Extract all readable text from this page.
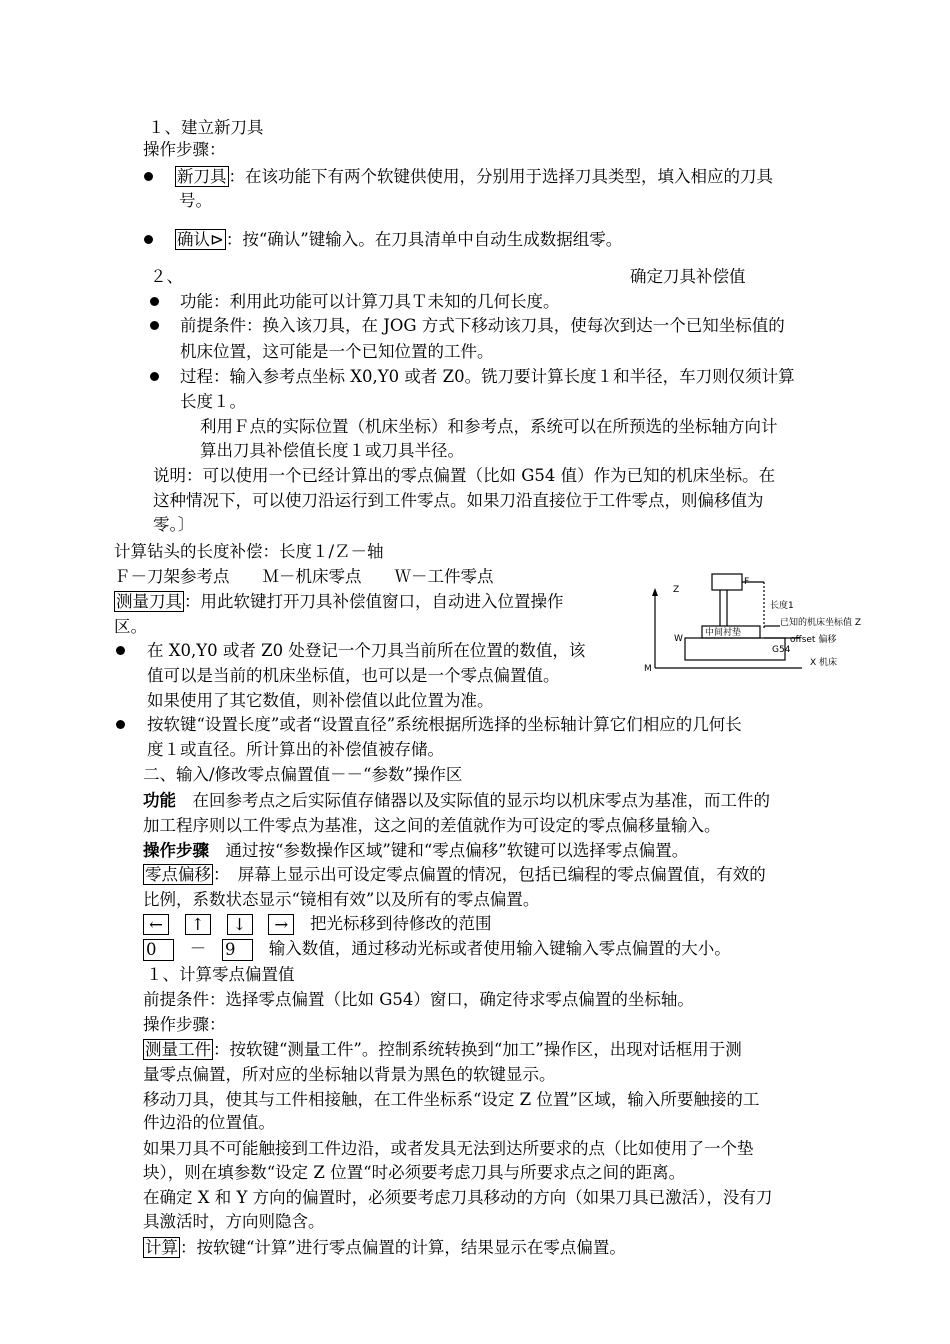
１、建立新刀具
操作步骤：
新刀具 ：在该功能下有两个软键供使用，分别用于选择刀具类型，填入相应的刀具
号。
确认⊳ ：按“确认”键输入。在刀具清单中自动生成数据组零。
２、	确定刀具补偿值
功能：利用此功能可以计算刀具Ｔ未知的几何长度。
前提条件：换入该刀具，在 JOG 方式下移动该刀具，使每次到达一个已知坐标值的
机床位置，这可能是一个已知位置的工件。
过程：输入参考点坐标 X0,Y0 或者 Z0。铣刀要计算长度１和半径，车刀则仅须计算
长度１。
利用Ｆ点的实际位置（机床坐标）和参考点，系统可以在所预选的坐标轴方向计
算出刀具补偿值长度１或刀具半径。
说明：可以使用一个已经计算出的零点偏置（比如 G54 值）作为已知的机床坐标。在
这种情况下，可以使刀沿运行到工件零点。如果刀沿直接位于工件零点，则偏移值为
零。〕
计算钻头的长度补偿：长度１/Ｚ－轴
Ｆ－刀架参考点　　Ｍ－机床零点　　Ｗ－工件零点
测量刀具 ：用此软键打开刀具补偿值窗口，自动进入位置操作
区。
在 X0,Y0 或者 Z0 处登记一个刀具当前所在位置的数值，该
值可以是当前的机床坐标值，也可以是一个零点偏置值。
如果使用了其它数值，则补偿值以此位置为准。
按软键“设置长度”或者“设置直径”系统根据所选择的坐标轴计算它们相应的几何长
度１或直径。所计算出的补偿值被存储。
Z
F
长度1
W
M
中间衬垫
已知的机床坐标值 Z
offset 偏移
G54
X 机床
二、输入/修改零点偏置值－－“参数”操作区
功能　在回参考点之后实际值存储器以及实际值的显示均以机床零点为基准，而工件的
加工程序则以工件零点为基准，这之间的差值就作为可设定的零点偏移量输入。
操作步骤　通过按“参数操作区域”键和“零点偏移”软键可以选择零点偏置。
零点偏移 ：　屏幕上显示出可设定零点偏置的情况，包括已编程的零点偏置值，有效的
比例，系数状态显示“镜相有效”以及所有的零点偏置。
← ↑ ↓ → 把光标移到待修改的范围
0 － 9 输入数值，通过移动光标或者使用输入键输入零点偏置的大小。
１、计算零点偏置值
前提条件：选择零点偏置（比如 G54）窗口，确定待求零点偏置的坐标轴。
操作步骤：
测量工件 ：按软键“测量工件”。控制系统转换到“加工”操作区，出现对话框用于测
量零点偏置，所对应的坐标轴以背景为黑色的软键显示。
移动刀具，使其与工件相接触，在工件坐标系“设定 Z 位置”区域，输入所要触接的工
件边沿的位置值。
如果刀具不可能触接到工件边沿，或者发具无法到达所要求的点（比如使用了一个垫
块），则在填参数“设定 Z 位置“时必须要考虑刀具与所要求点之间的距离。
在确定 X 和 Y 方向的偏置时，必须要考虑刀具移动的方向（如果刀具已激活），没有刀
具激活时，方向则隐含。
计算 ：按软键“计算”进行零点偏置的计算，结果显示在零点偏置。
